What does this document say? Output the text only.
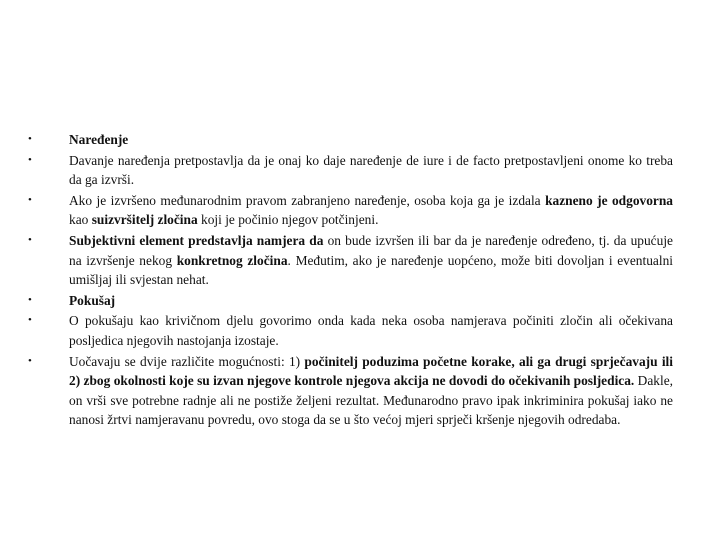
•	Naređenje
•	Davanje naređenja pretpostavlja da je onaj ko daje naređenje de iure i de facto pretpostavljeni onome ko treba da ga izvrši.
•	Ako je izvršeno međunarodnim pravom zabranjeno naređenje, osoba koja ga je izdala kazneno je odgovorna kao suizvršitelj zločina koji je počinio njegov potčinjeni.
•	Subjektivni element predstavlja namjera da on bude izvršen ili bar da je naređenje određeno, tj. da upućuje na izvršenje nekog konkretnog zločina. Međutim, ako je naređenje uopćeno, može biti dovoljan i eventualni umišljaj ili svjestan nehat.
•	Pokušaj
•	O pokušaju kao krivičnom djelu govorimo onda kada neka osoba namjerava počiniti zločin ali očekivana posljedica njegovih nastojanja izostaje.
•	Uočavaju se dvije različite mogućnosti: 1) počinitelj poduzima početne korake, ali ga drugi sprječavaju ili 2) zbog okolnosti koje su izvan njegove kontrole njegova akcija ne dovodi do očekivanih posljedica. Dakle, on vrši sve potrebne radnje ali ne postiže željeni rezultat. Međunarodno pravo ipak inkriminira pokušaj iako ne nanosi žrtvi namjeravanu povredu, ovo stoga da se u što većoj mjeri sprječi kršenje njegovih odredaba.
